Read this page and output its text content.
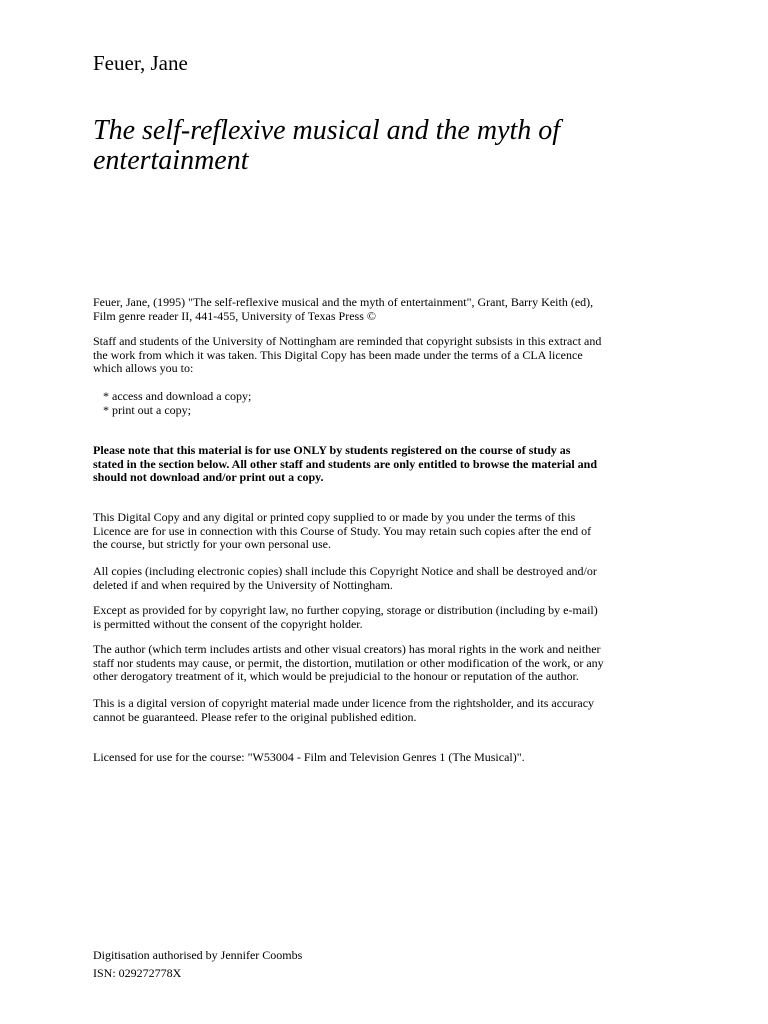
Feuer, Jane
The self-reflexive musical and the myth of
entertainment
Feuer, Jane, (1995) "The self-reflexive musical and the myth of entertainment", Grant, Barry Keith (ed),
Film genre reader II, 441-455, University of Texas Press ©
Staff and students of the University of Nottingham are reminded that copyright subsists in this extract and
the work from which it was taken. This Digital Copy has been made under the terms of a CLA licence
which allows you to:
* access and download a copy;
* print out a copy;
Please note that this material is for use ONLY by students registered on the course of study as
stated in the section below. All other staff and students are only entitled to browse the material and
should not download and/or print out a copy.
This Digital Copy and any digital or printed copy supplied to or made by you under the terms of this
Licence are for use in connection with this Course of Study. You may retain such copies after the end of
the course, but strictly for your own personal use.
All copies (including electronic copies) shall include this Copyright Notice and shall be destroyed and/or
deleted if and when required by the University of Nottingham.
Except as provided for by copyright law, no further copying, storage or distribution (including by e-mail)
is permitted without the consent of the copyright holder.
The author (which term includes artists and other visual creators) has moral rights in the work and neither
staff nor students may cause, or permit, the distortion, mutilation or other modification of the work, or any
other derogatory treatment of it, which would be prejudicial to the honour or reputation of the author.
This is a digital version of copyright material made under licence from the rightsholder, and its accuracy
cannot be guaranteed. Please refer to the original published edition.
Licensed for use for the course: "W53004 - Film and Television Genres 1 (The Musical)".
Digitisation authorised by Jennifer Coombs
ISN: 029272778X
